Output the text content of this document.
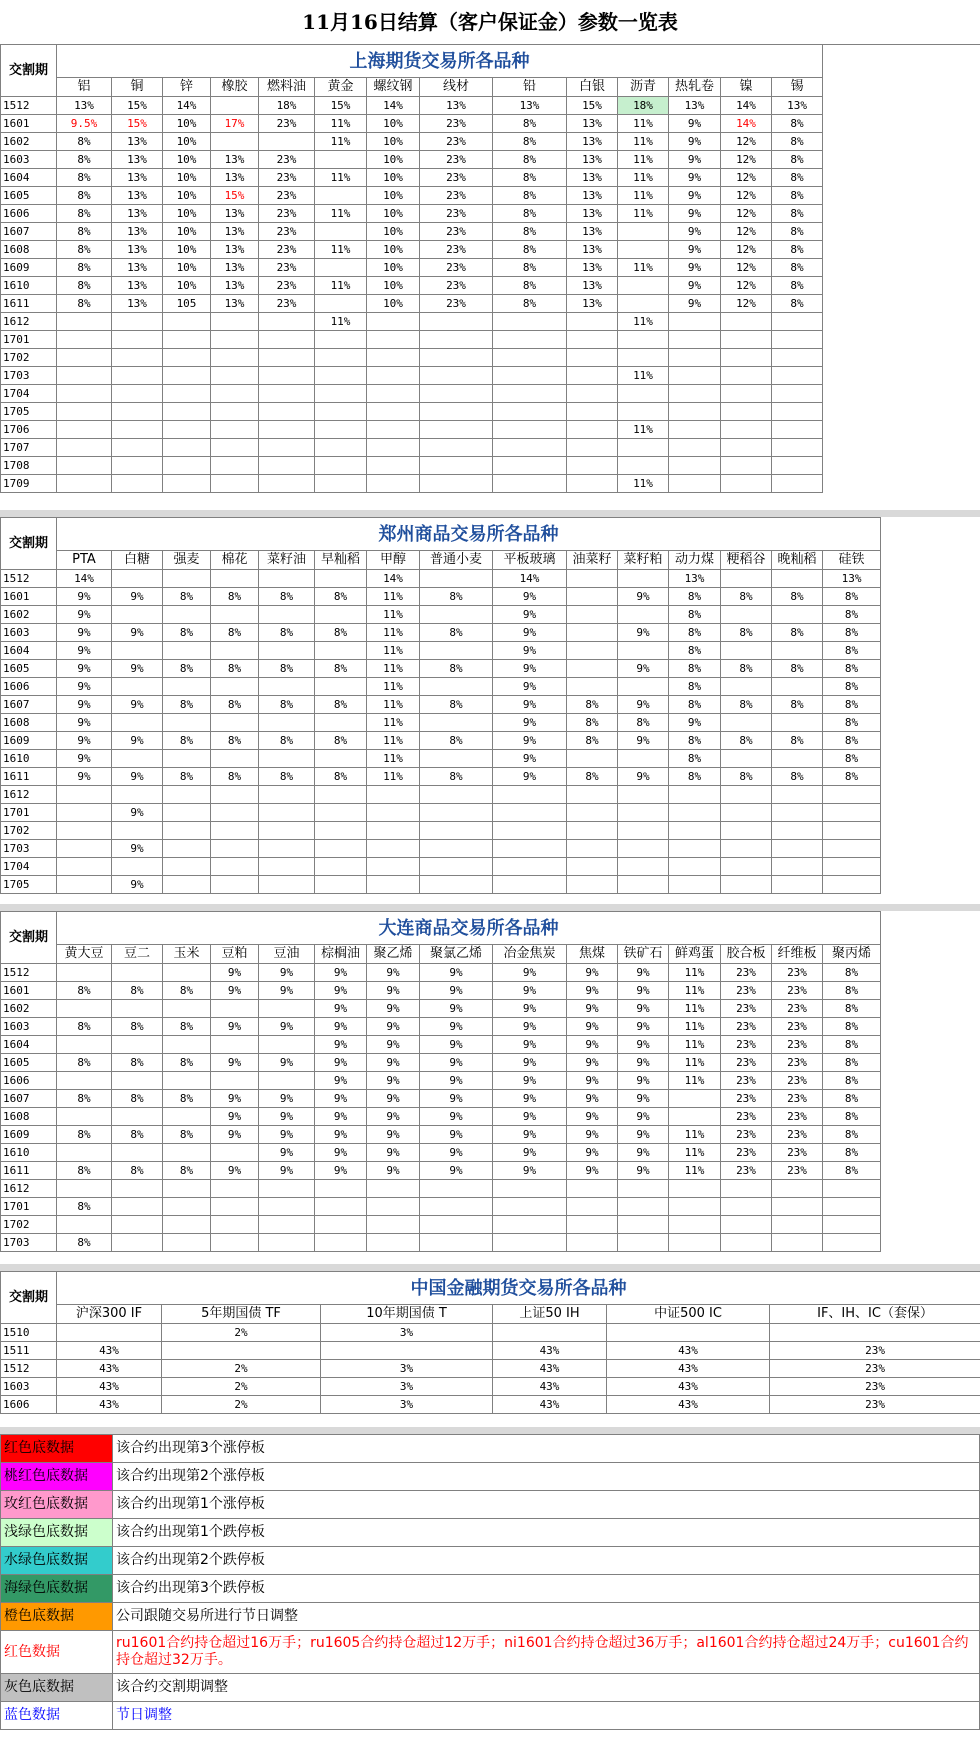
11月16日结算（客户保证金）参数一览表
交割期	上海期货交易所各品种													
	铝	铜	锌	橡胶	燃料油	黄金	螺纹钢	线材	铅	白银	沥青	热轧卷	镍	锡
1512	13%	15%	14%		18%	15%	14%	13%	13%	15%	18%	13%	14%	13%
1601	9.5%	15%	10%	17%	23%	11%	10%	23%	8%	13%	11%	9%	14%	8%
1602	8%	13%	10%			11%	10%	23%	8%	13%	11%	9%	12%	8%
1603	8%	13%	10%	13%	23%		10%	23%	8%	13%	11%	9%	12%	8%
1604	8%	13%	10%	13%	23%	11%	10%	23%	8%	13%	11%	9%	12%	8%
1605	8%	13%	10%	15%	23%		10%	23%	8%	13%	11%	9%	12%	8%
1606	8%	13%	10%	13%	23%	11%	10%	23%	8%	13%	11%	9%	12%	8%
1607	8%	13%	10%	13%	23%		10%	23%	8%	13%		9%	12%	8%
1608	8%	13%	10%	13%	23%	11%	10%	23%	8%	13%		9%	12%	8%
1609	8%	13%	10%	13%	23%		10%	23%	8%	13%	11%	9%	12%	8%
1610	8%	13%	10%	13%	23%	11%	10%	23%	8%	13%		9%	12%	8%
1611	8%	13%	105	13%	23%		10%	23%	8%	13%		9%	12%	8%
1612						11%					11%			
1701														
1702														
1703											11%			
1704														
1705														
1706											11%			
1707														
1708														
1709											11%			
交割期	郑州商品交易所各品种															
	PTA	白糖	强麦	棉花	菜籽油	早籼稻	甲醇	普通小麦	平板玻璃	油菜籽	菜籽粕	动力煤	粳稻谷	晚籼稻	硅铁	
1512	14%						14%		14%			13%			13%	
1601	9%	9%	8%	8%	8%	8%	11%	8%	9%		9%	8%	8%	8%	8%	
1602	9%						11%		9%			8%			8%	
1603	9%	9%	8%	8%	8%	8%	11%	8%	9%		9%	8%	8%	8%	8%	
1604	9%						11%		9%			8%			8%	
1605	9%	9%	8%	8%	8%	8%	11%	8%	9%		9%	8%	8%	8%	8%	
1606	9%						11%		9%			8%			8%	
1607	9%	9%	8%	8%	8%	8%	11%	8%	9%	8%	9%	8%	8%	8%	8%	
1608	9%						11%		9%	8%	8%	9%			8%	
1609	9%	9%	8%	8%	8%	8%	11%	8%	9%	8%	9%	8%	8%	8%	8%	
1610	9%						11%		9%			8%			8%	
1611	9%	9%	8%	8%	8%	8%	11%	8%	9%	8%	9%	8%	8%	8%	8%	
1612																
1701		9%														
1702																
1703		9%														
1704																
1705		9%														
交割期	大连商品交易所各品种															
	黄大豆	豆二	玉米	豆粕	豆油	棕榈油	聚乙烯	聚氯乙烯	冶金焦炭	焦煤	铁矿石	鲜鸡蛋	胶合板	纤维板	聚丙烯	
1512				9%	9%	9%	9%	9%	9%	9%	9%	11%	23%	23%	8%	
1601	8%	8%	8%	9%	9%	9%	9%	9%	9%	9%	9%	11%	23%	23%	8%	
1602						9%	9%	9%	9%	9%	9%	11%	23%	23%	8%	
1603	8%	8%	8%	9%	9%	9%	9%	9%	9%	9%	9%	11%	23%	23%	8%	
1604						9%	9%	9%	9%	9%	9%	11%	23%	23%	8%	
1605	8%	8%	8%	9%	9%	9%	9%	9%	9%	9%	9%	11%	23%	23%	8%	
1606						9%	9%	9%	9%	9%	9%	11%	23%	23%	8%	
1607	8%	8%	8%	9%	9%	9%	9%	9%	9%	9%	9%		23%	23%	8%	
1608				9%	9%	9%	9%	9%	9%	9%	9%		23%	23%	8%	
1609	8%	8%	8%	9%	9%	9%	9%	9%	9%	9%	9%	11%	23%	23%	8%	
1610					9%	9%	9%	9%	9%	9%	9%	11%	23%	23%	8%	
1611	8%	8%	8%	9%	9%	9%	9%	9%	9%	9%	9%	11%	23%	23%	8%	
1612																
1701	8%															
1702																
1703	8%															
交割期	中国金融期货交易所各品种					
	沪深300 IF	5年期国债 TF	10年期国债 T	上证50 IH	中证500 IC	IF、IH、IC（套保）
1510		2%	3%			
1511	43%			43%	43%	23%
1512	43%	2%	3%	43%	43%	23%
1603	43%	2%	3%	43%	43%	23%
1606	43%	2%	3%	43%	43%	23%
红色底数据	该合约出现第3个涨停板
桃红色底数据	该合约出现第2个涨停板
玫红色底数据	该合约出现第1个涨停板
浅绿色底数据	该合约出现第1个跌停板
水绿色底数据	该合约出现第2个跌停板
海绿色底数据	该合约出现第3个跌停板
橙色底数据	公司跟随交易所进行节日调整
红色数据	ru1601合约持仓超过16万手；ru1605合约持仓超过12万手；ni1601合约持仓超过36万手；al1601合约持仓超过24万手；cu1601合约持仓超过32万手。
灰色底数据	该合约交割期调整
蓝色数据	节日调整
